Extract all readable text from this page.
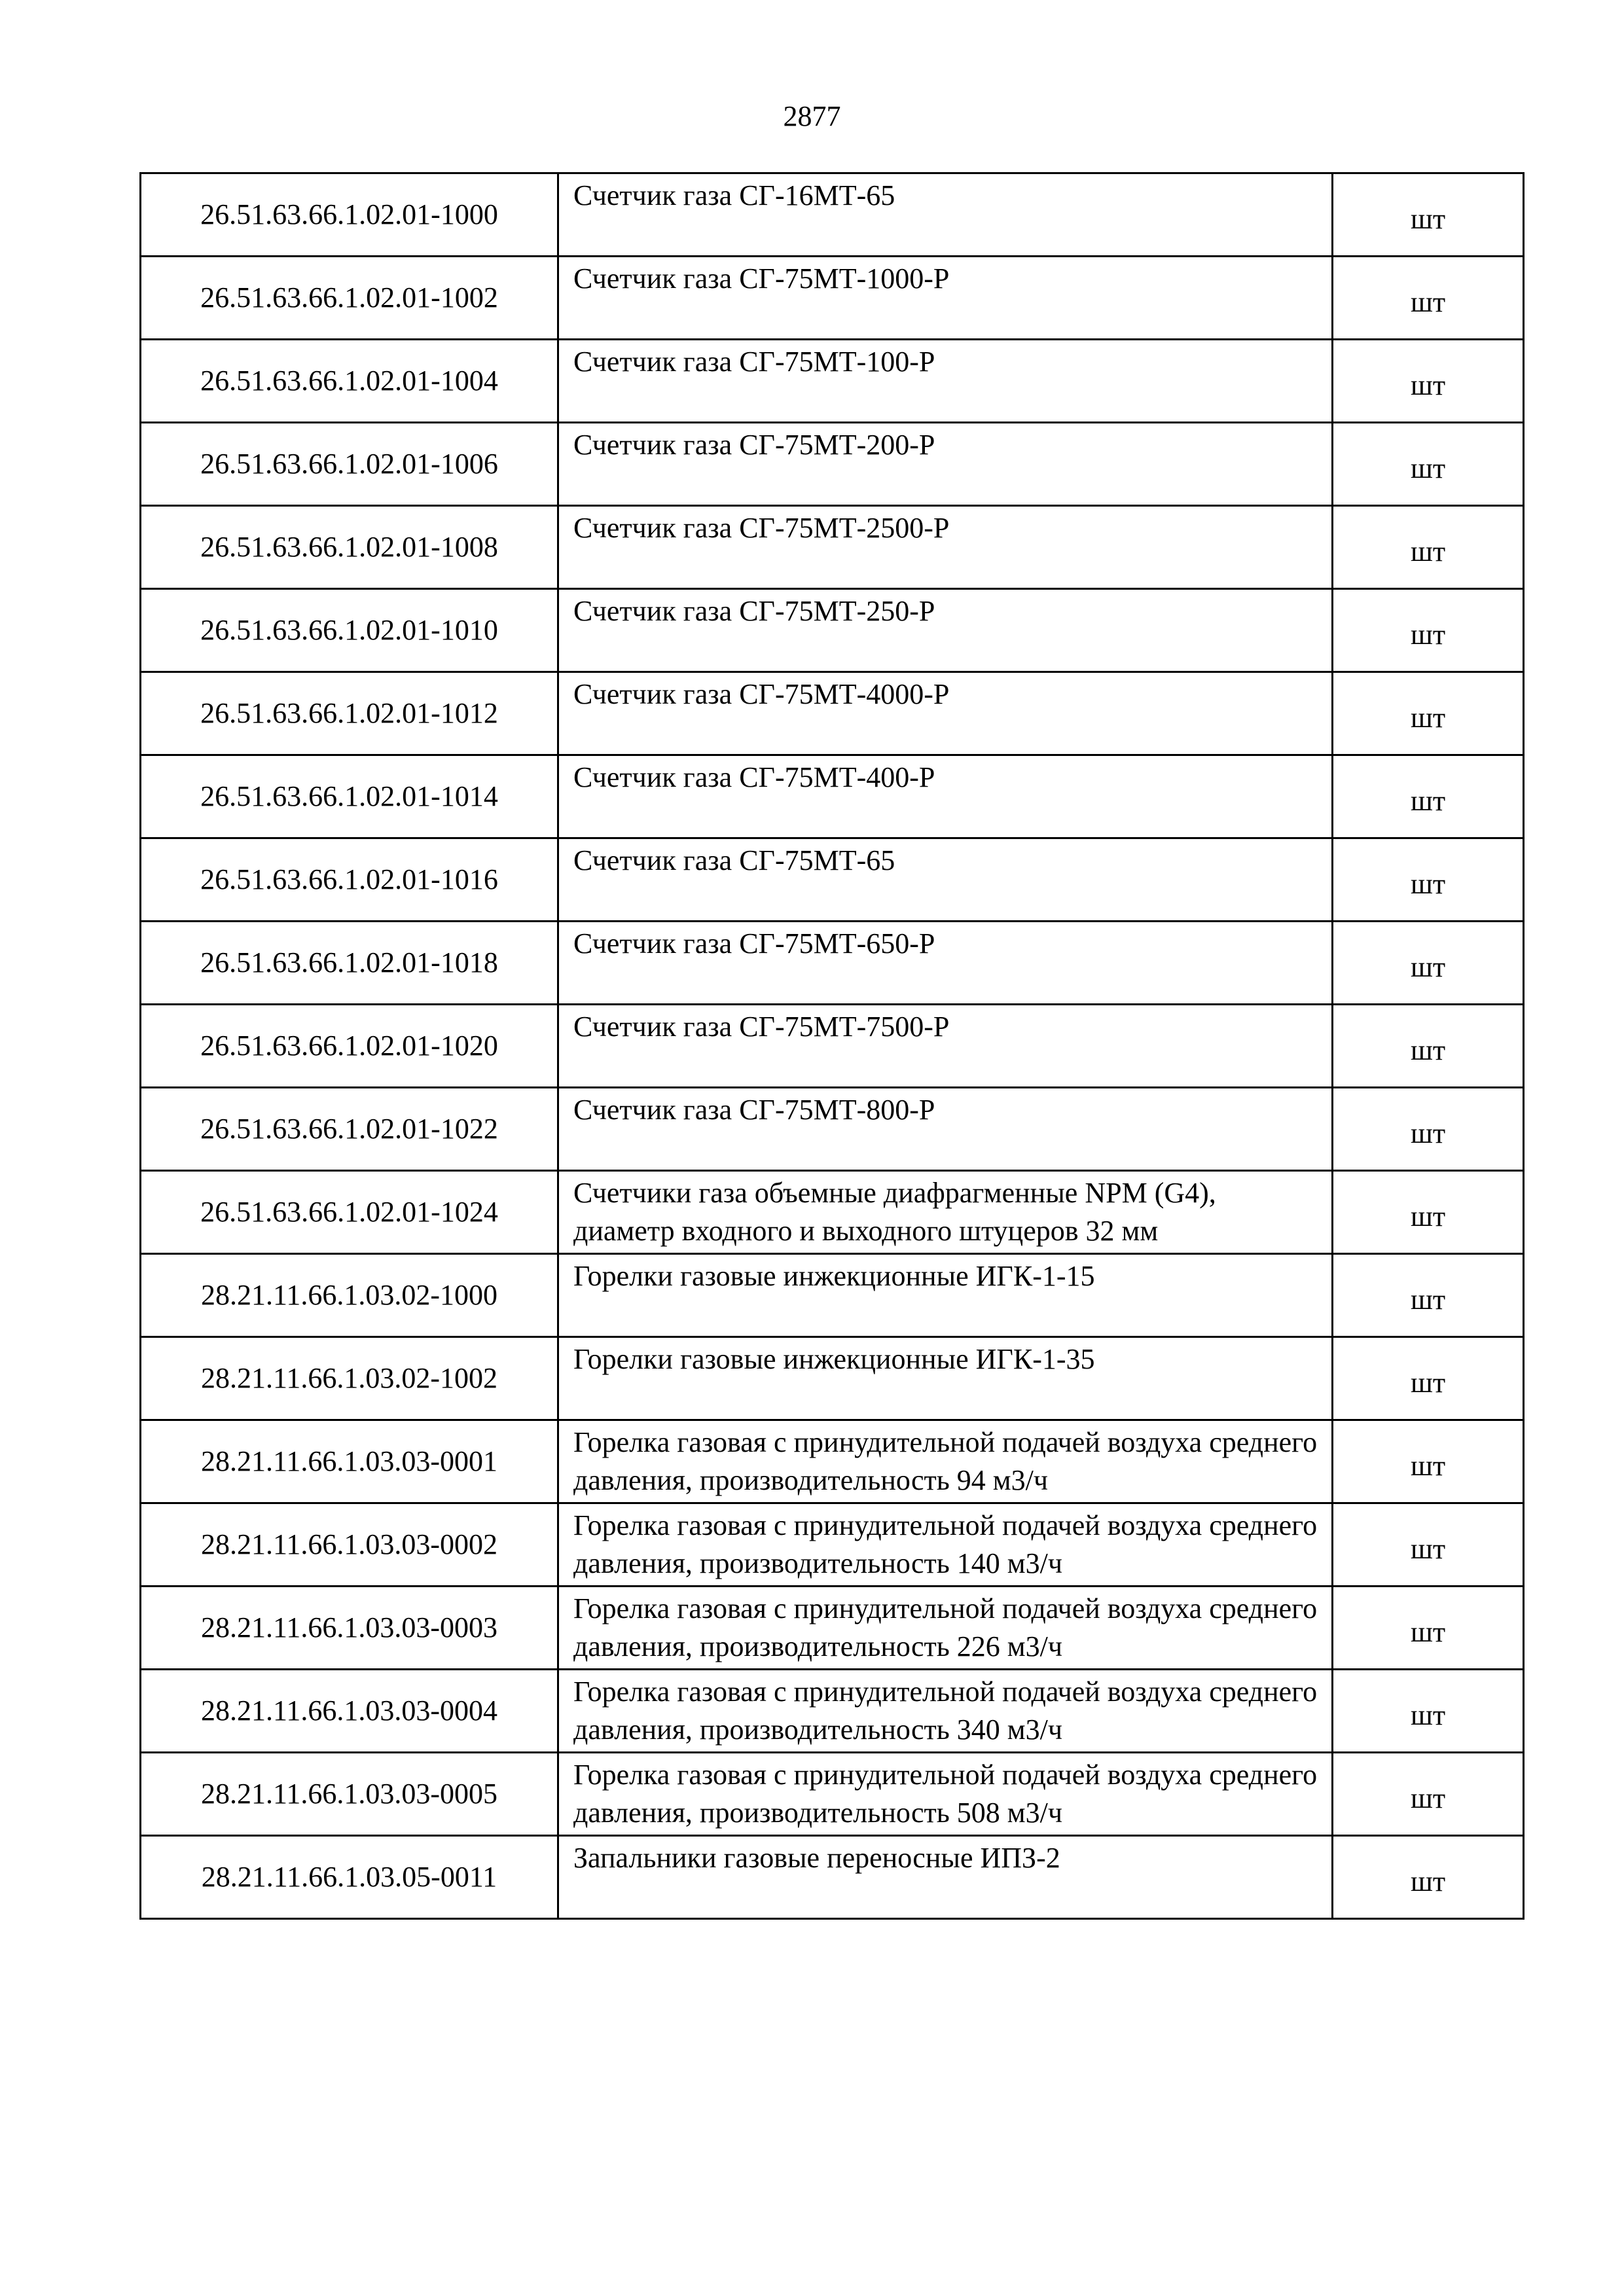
2877
26.51.63.66.1.02.01-1000	Счетчик газа СГ-16МТ-65	шт
26.51.63.66.1.02.01-1002	Счетчик газа СГ-75МТ-1000-Р	шт
26.51.63.66.1.02.01-1004	Счетчик газа СГ-75МТ-100-Р	шт
26.51.63.66.1.02.01-1006	Счетчик газа СГ-75МТ-200-Р	шт
26.51.63.66.1.02.01-1008	Счетчик газа СГ-75МТ-2500-Р	шт
26.51.63.66.1.02.01-1010	Счетчик газа СГ-75МТ-250-Р	шт
26.51.63.66.1.02.01-1012	Счетчик газа СГ-75МТ-4000-Р	шт
26.51.63.66.1.02.01-1014	Счетчик газа СГ-75МТ-400-Р	шт
26.51.63.66.1.02.01-1016	Счетчик газа СГ-75МТ-65	шт
26.51.63.66.1.02.01-1018	Счетчик газа СГ-75МТ-650-Р	шт
26.51.63.66.1.02.01-1020	Счетчик газа СГ-75МТ-7500-Р	шт
26.51.63.66.1.02.01-1022	Счетчик газа СГ-75МТ-800-Р	шт
26.51.63.66.1.02.01-1024	Счетчики газа объемные диафрагменные NPM (G4), диаметр входного и выходного штуцеров 32 мм	шт
28.21.11.66.1.03.02-1000	Горелки газовые инжекционные ИГК-1-15	шт
28.21.11.66.1.03.02-1002	Горелки газовые инжекционные ИГК-1-35	шт
28.21.11.66.1.03.03-0001	Горелка газовая с принудительной подачей воздуха среднего давления, производительность 94 м3/ч	шт
28.21.11.66.1.03.03-0002	Горелка газовая с принудительной подачей воздуха среднего давления, производительность 140 м3/ч	шт
28.21.11.66.1.03.03-0003	Горелка газовая с принудительной подачей воздуха среднего давления, производительность 226 м3/ч	шт
28.21.11.66.1.03.03-0004	Горелка газовая с принудительной подачей воздуха среднего давления, производительность 340 м3/ч	шт
28.21.11.66.1.03.03-0005	Горелка газовая с принудительной подачей воздуха среднего давления, производительность 508 м3/ч	шт
28.21.11.66.1.03.05-0011	Запальники газовые переносные ИПЗ-2	шт
